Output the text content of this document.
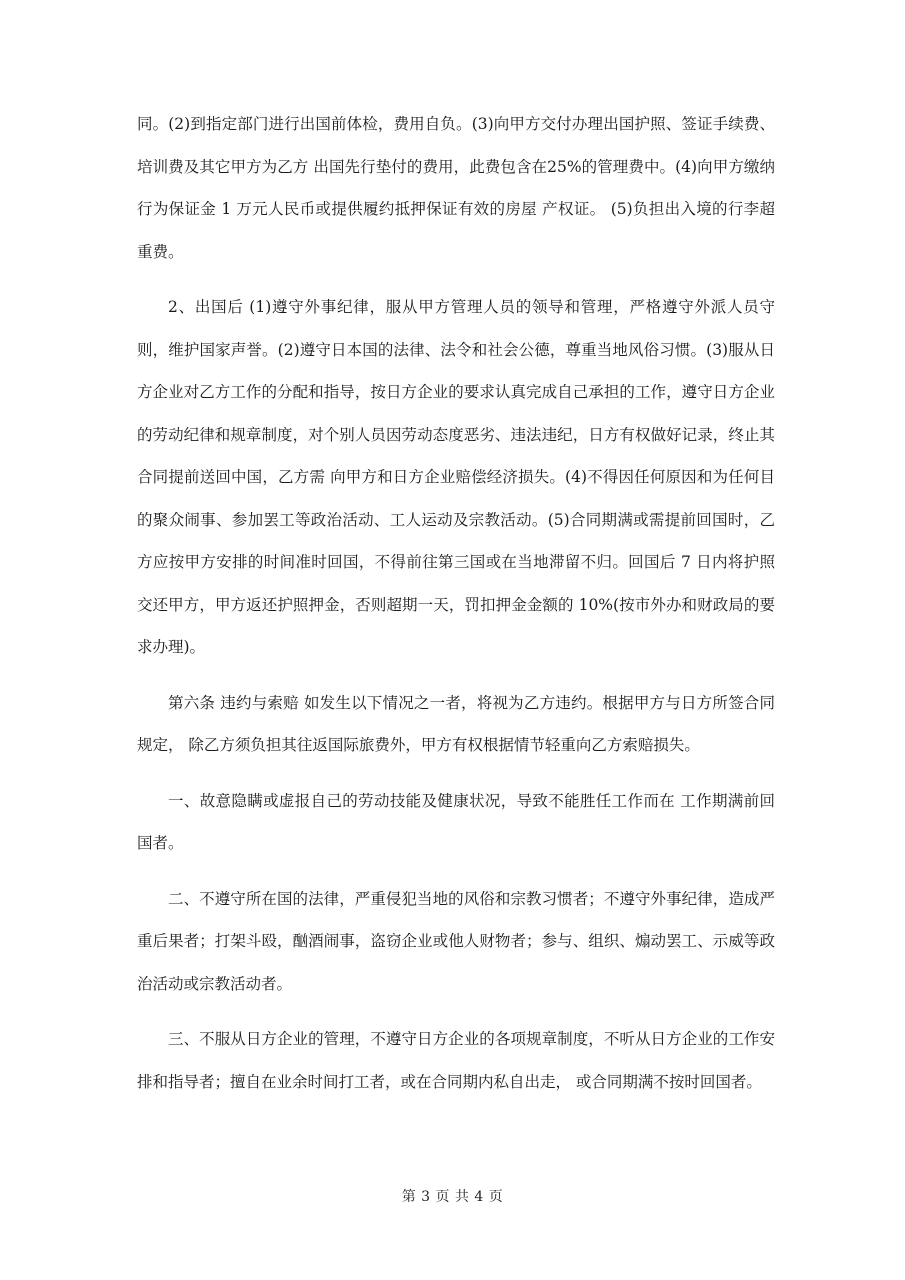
同。(2)到指定部门进行出国前体检，费用自负。(3)向甲方交付办理出国护照、签证手续费、培训费及其它甲方为乙方 出国先行垫付的费用，此费包含在25%的管理费中。(4)向甲方缴纳行为保证金 1 万元人民币或提供履约抵押保证有效的房屋 产权证。 (5)负担出入境的行李超重费。

2、出国后 (1)遵守外事纪律，服从甲方管理人员的领导和管理，严格遵守外派人员守则，维护国家声誉。(2)遵守日本国的法律、法令和社会公德，尊重当地风俗习惯。(3)服从日方企业对乙方工作的分配和指导，按日方企业的要求认真完成自己承担的工作，遵守日方企业的劳动纪律和规章制度，对个别人员因劳动态度恶劣、违法违纪，日方有权做好记录，终止其合同提前送回中国，乙方需 向甲方和日方企业赔偿经济损失。(4)不得因任何原因和为任何目的聚众闹事、参加罢工等政治活动、工人运动及宗教活动。(5)合同期满或需提前回国时，乙方应按甲方安排的时间准时回国，不得前往第三国或在当地滞留不归。回国后 7 日内将护照交还甲方，甲方返还护照押金，否则超期一天，罚扣押金金额的 10%(按市外办和财政局的要求办理)。

第六条 违约与索赔 如发生以下情况之一者，将视为乙方违约。根据甲方与日方所签合同规定， 除乙方须负担其往返国际旅费外，甲方有权根据情节轻重向乙方索赔损失。

一、故意隐瞒或虚报自己的劳动技能及健康状况，导致不能胜任工作而在 工作期满前回国者。

二、不遵守所在国的法律，严重侵犯当地的风俗和宗教习惯者；不遵守外事纪律，造成严重后果者；打架斗殴，酗酒闹事，盗窃企业或他人财物者；参与、组织、煽动罢工、示威等政治活动或宗教活动者。

三、不服从日方企业的管理，不遵守日方企业的各项规章制度，不听从日方企业的工作安排和指导者；擅自在业余时间打工者，或在合同期内私自出走， 或合同期满不按时回国者。

第 3 页 共 4 页
